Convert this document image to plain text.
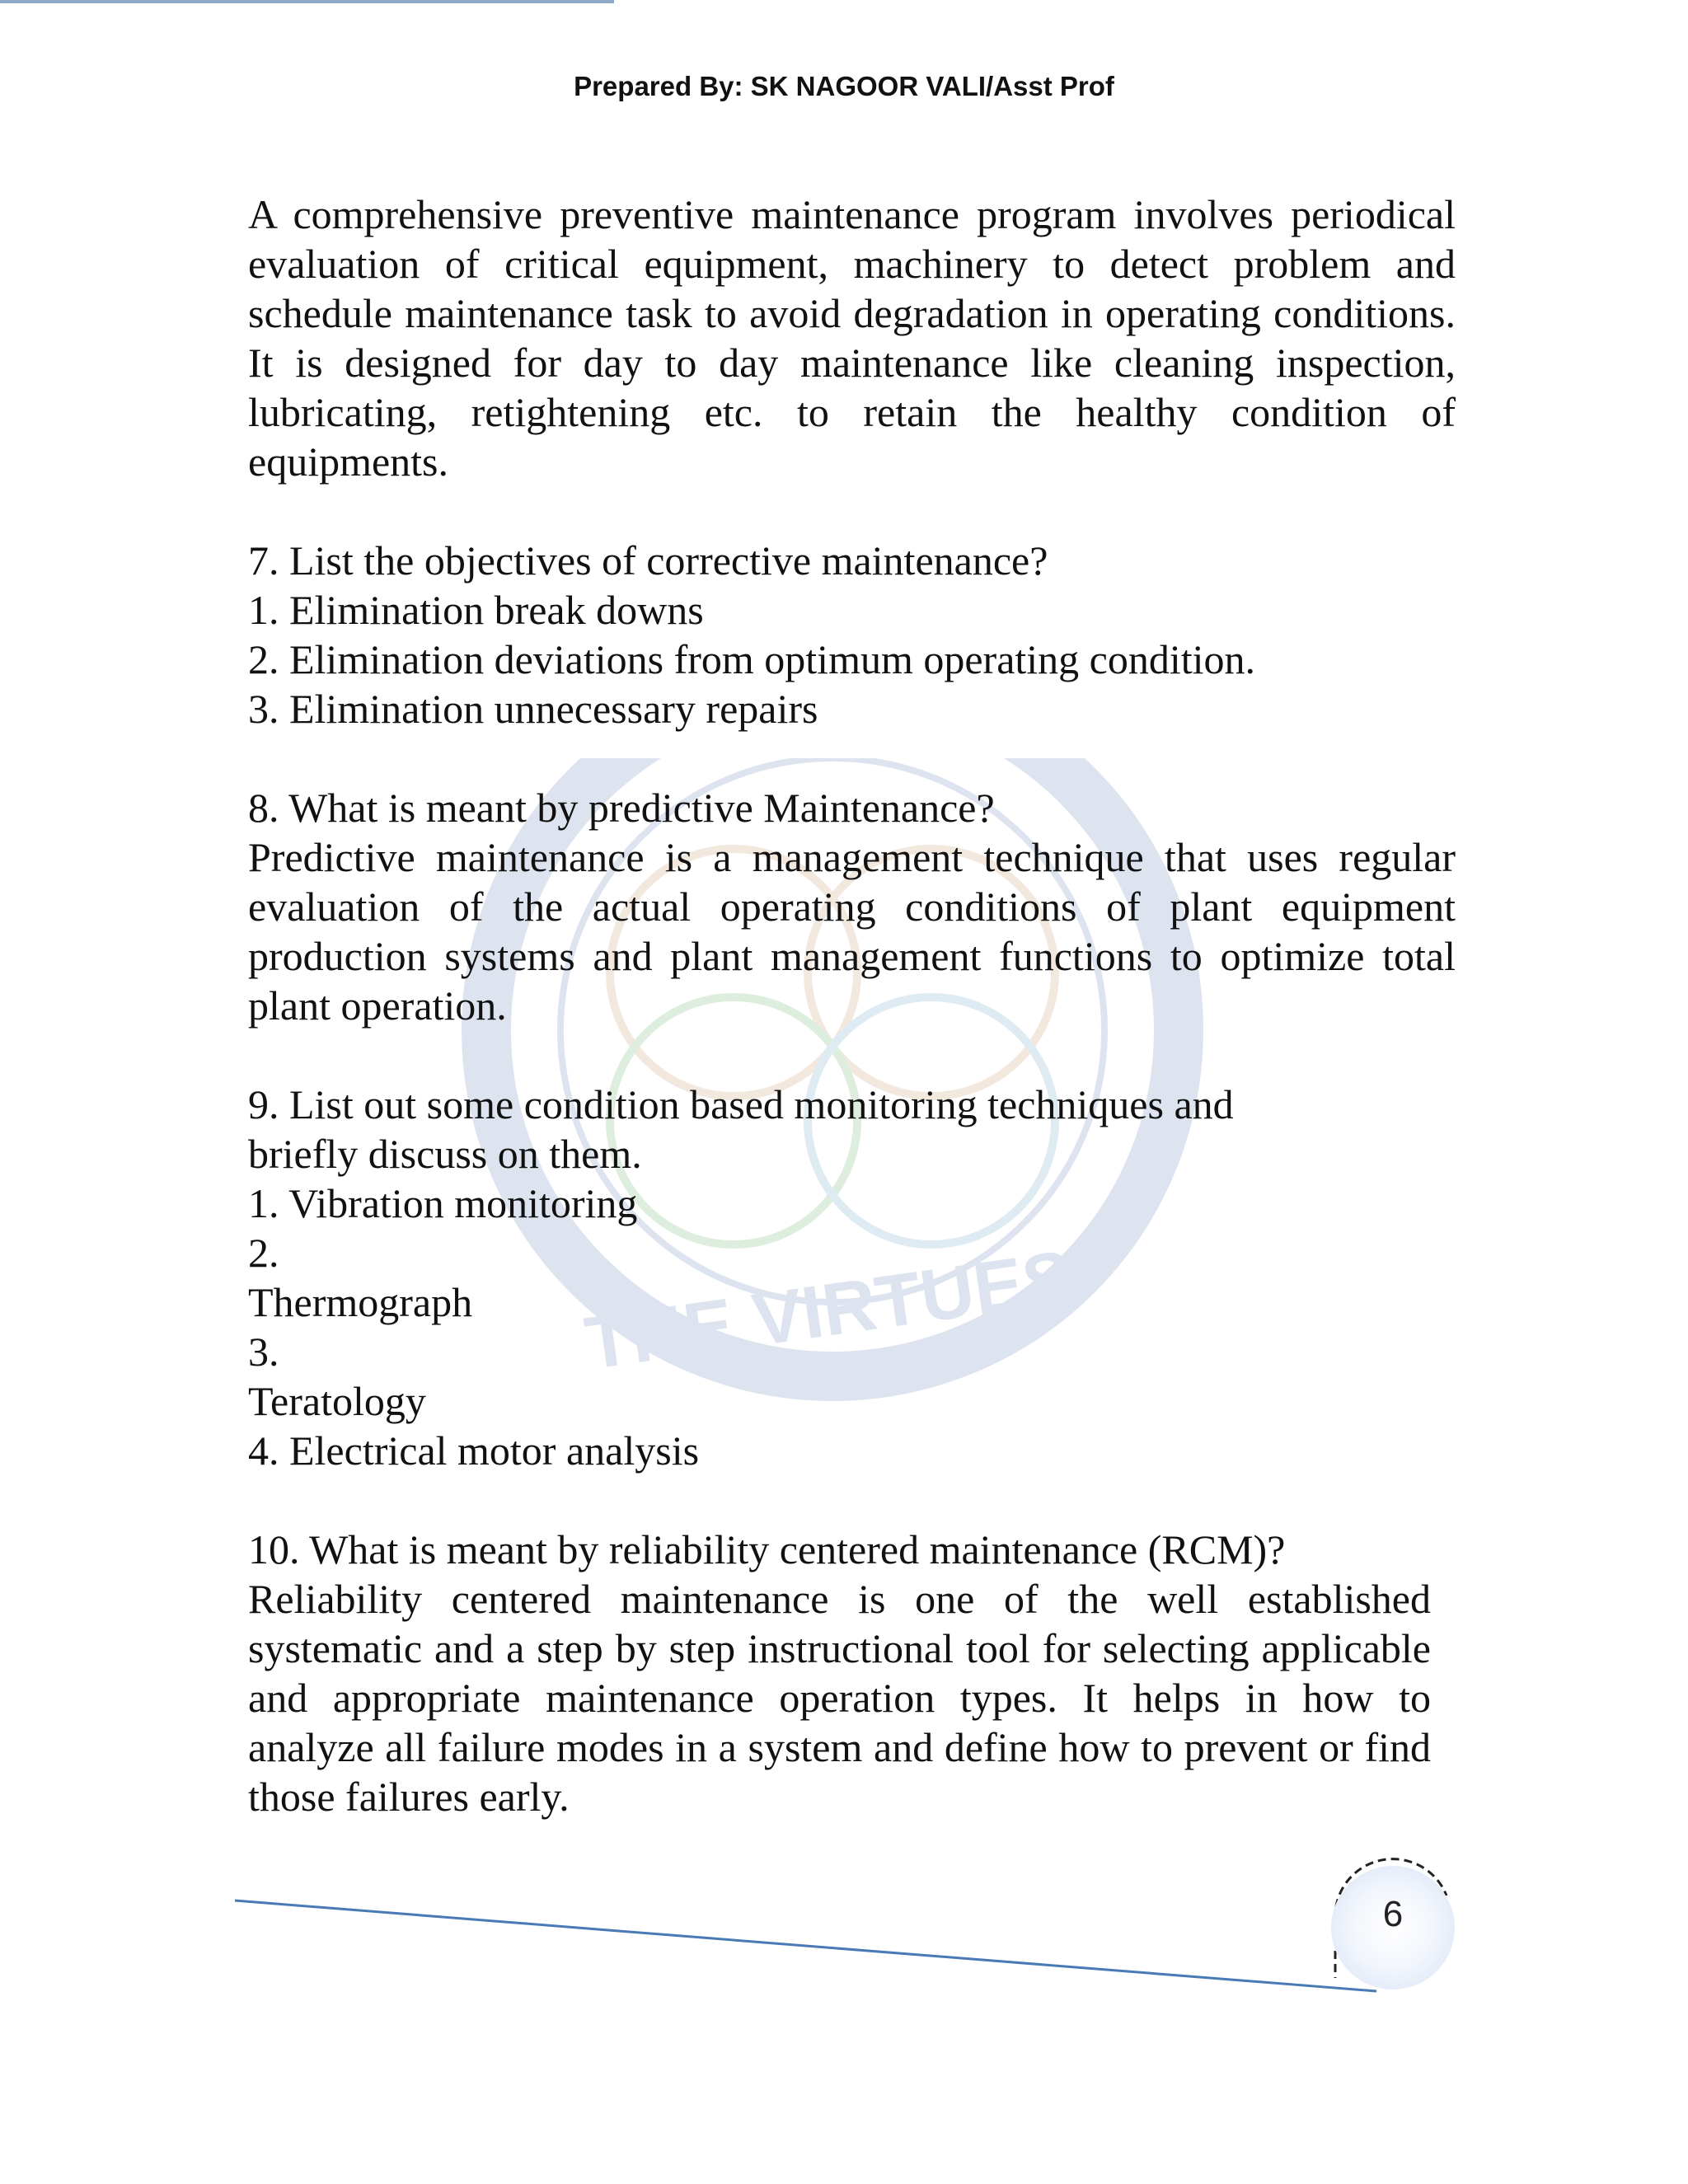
Prepared By: SK NAGOOR VALI/Asst Prof
THE VIRTUES

A comprehensive preventive maintenance program involves periodical evaluation of critical equipment, machinery to detect problem and schedule maintenance task to avoid degradation in operating conditions. It is designed for day to day maintenance like cleaning inspection, lubricating, retightening etc. to retain the healthy condition of equipments.

7. List the objectives of corrective maintenance?

1. Elimination break downs

2. Elimination deviations from optimum operating condition.

3. Elimination unnecessary repairs

8. What is meant by predictive Maintenance?

Predictive maintenance is a management technique that uses regular evaluation of the actual operating conditions of plant equipment production systems and plant management functions to optimize total plant operation.

9. List out some condition based monitoring techniques and

briefly discuss on them.

1. Vibration monitoring

2.

Thermograph

3.

Teratology

4. Electrical motor analysis

10. What is meant by reliability centered maintenance (RCM)?

Reliability centered maintenance is one of the well established systematic and a step by step instructional tool for selecting applicable and appropriate maintenance operation types. It helps in how to analyze all failure modes in a system and define how to prevent or find those failures early.

6
